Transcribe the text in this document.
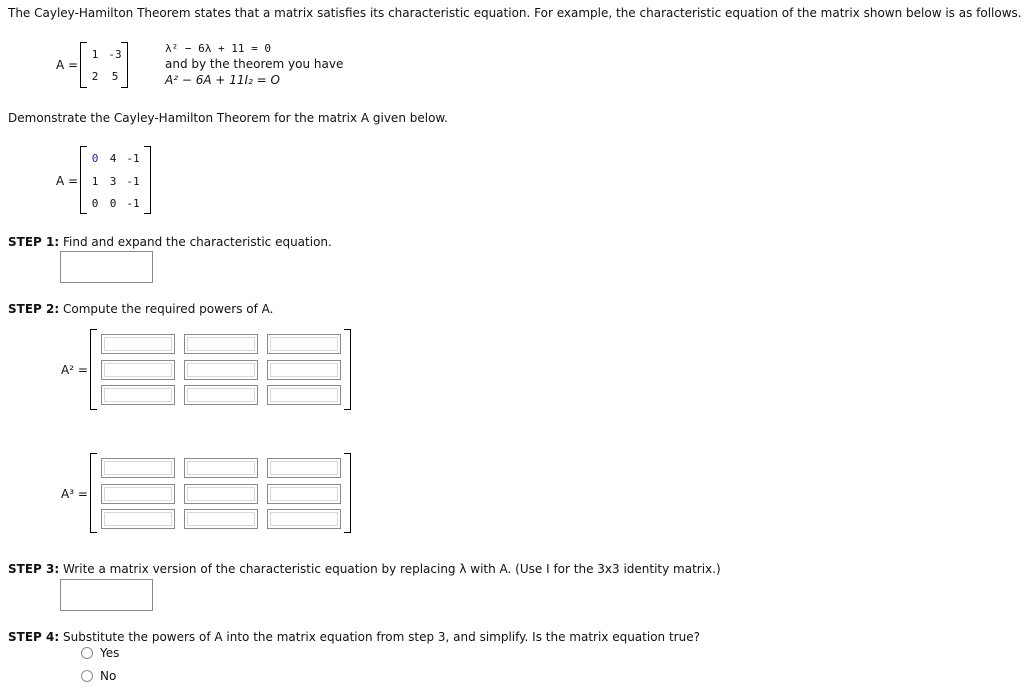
The Cayley-Hamilton Theorem states that a matrix satisfies its characteristic equation. For example, the characteristic equation of the matrix shown below is as follows.
A =
1 -3
2	5
λ² − 6λ + 11 = 0
and by the theorem you have
A² − 6A + 11I₂ = O
Demonstrate the Cayley-Hamilton Theorem for the matrix A given below.
A =
0	4 -1
1	3 -1
0	0 -1
STEP 1: Find and expand the characteristic equation.
STEP 2: Compute the required powers of A.
A² =
A³ =
STEP 3: Write a matrix version of the characteristic equation by replacing λ with A. (Use I for the 3x3 identity matrix.)
STEP 4: Substitute the powers of A into the matrix equation from step 3, and simplify. Is the matrix equation true?
Yes
No
